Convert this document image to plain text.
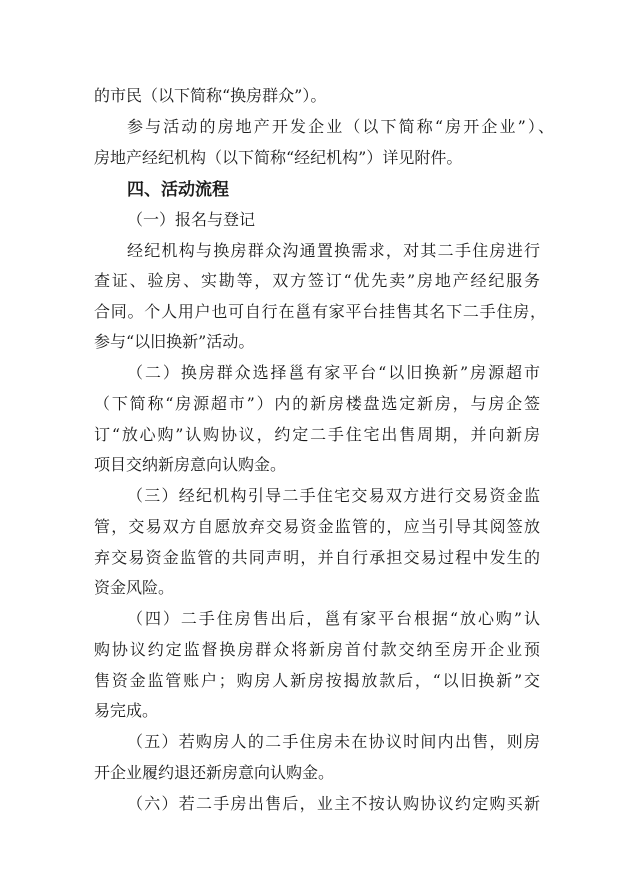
的市民（以下简称“换房群众”）。
参与活动的房地产开发企业（以下简称“房开企业”）、
房地产经纪机构（以下简称“经纪机构”）详见附件。
四、活动流程
（一）报名与登记
经纪机构与换房群众沟通置换需求，对其二手住房进行
查证、验房、实勘等，双方签订“优先卖”房地产经纪服务
合同。个人用户也可自行在邕有家平台挂售其名下二手住房，
参与“以旧换新”活动。
（二）换房群众选择邕有家平台“以旧换新”房源超市
（下简称“房源超市”）内的新房楼盘选定新房，与房企签
订“放心购”认购协议，约定二手住宅出售周期，并向新房
项目交纳新房意向认购金。
（三）经纪机构引导二手住宅交易双方进行交易资金监
管，交易双方自愿放弃交易资金监管的，应当引导其阅签放
弃交易资金监管的共同声明，并自行承担交易过程中发生的
资金风险。
（四）二手住房售出后，邕有家平台根据“放心购”认
购协议约定监督换房群众将新房首付款交纳至房开企业预
售资金监管账户；购房人新房按揭放款后，“以旧换新”交
易完成。
（五）若购房人的二手住房未在协议时间内出售，则房
开企业履约退还新房意向认购金。
（六）若二手房出售后，业主不按认购协议约定购买新
